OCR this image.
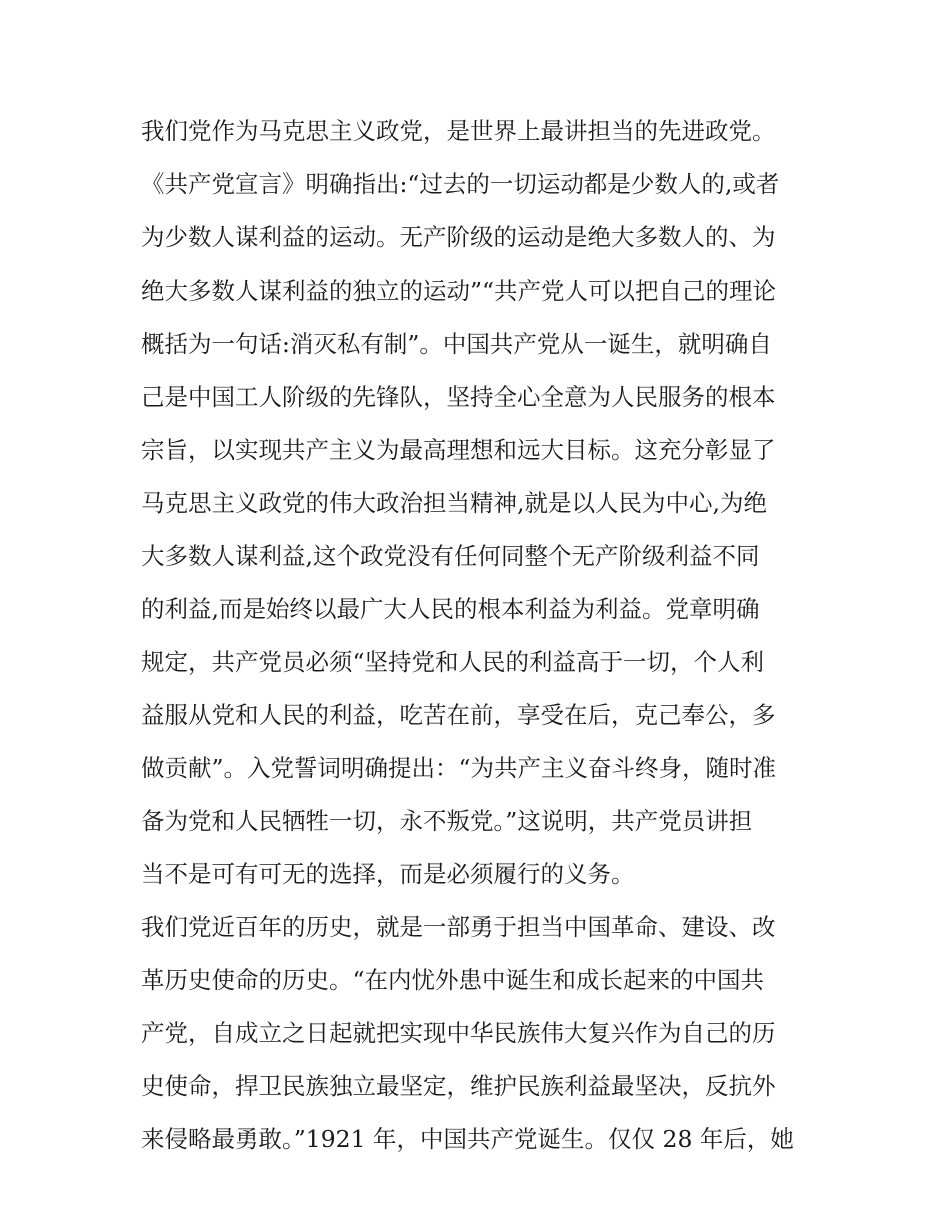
我们党作为马克思主义政党，是世界上最讲担当的先进政党。
《共产党宣言》明确指出:“过去的一切运动都是少数人的,或者
为少数人谋利益的运动。无产阶级的运动是绝大多数人的、为
绝大多数人谋利益的独立的运动”“共产党人可以把自己的理论
概括为一句话:消灭私有制”。中国共产党从一诞生，就明确自
己是中国工人阶级的先锋队，坚持全心全意为人民服务的根本
宗旨，以实现共产主义为最高理想和远大目标。这充分彰显了
马克思主义政党的伟大政治担当精神,就是以人民为中心,为绝
大多数人谋利益,这个政党没有任何同整个无产阶级利益不同
的利益,而是始终以最广大人民的根本利益为利益。党章明确
规定，共产党员必须“坚持党和人民的利益高于一切，个人利
益服从党和人民的利益，吃苦在前，享受在后，克己奉公，多
做贡献”。入党誓词明确提出：“为共产主义奋斗终身，随时准
备为党和人民牺牲一切，永不叛党。”这说明，共产党员讲担
当不是可有可无的选择，而是必须履行的义务。
我们党近百年的历史，就是一部勇于担当中国革命、建设、改
革历史使命的历史。“在内忧外患中诞生和成长起来的中国共
产党，自成立之日起就把实现中华民族伟大复兴作为自己的历
史使命，捍卫民族独立最坚定，维护民族利益最坚决，反抗外
来侵略最勇敢。”1921 年，中国共产党诞生。仅仅 28 年后，她
